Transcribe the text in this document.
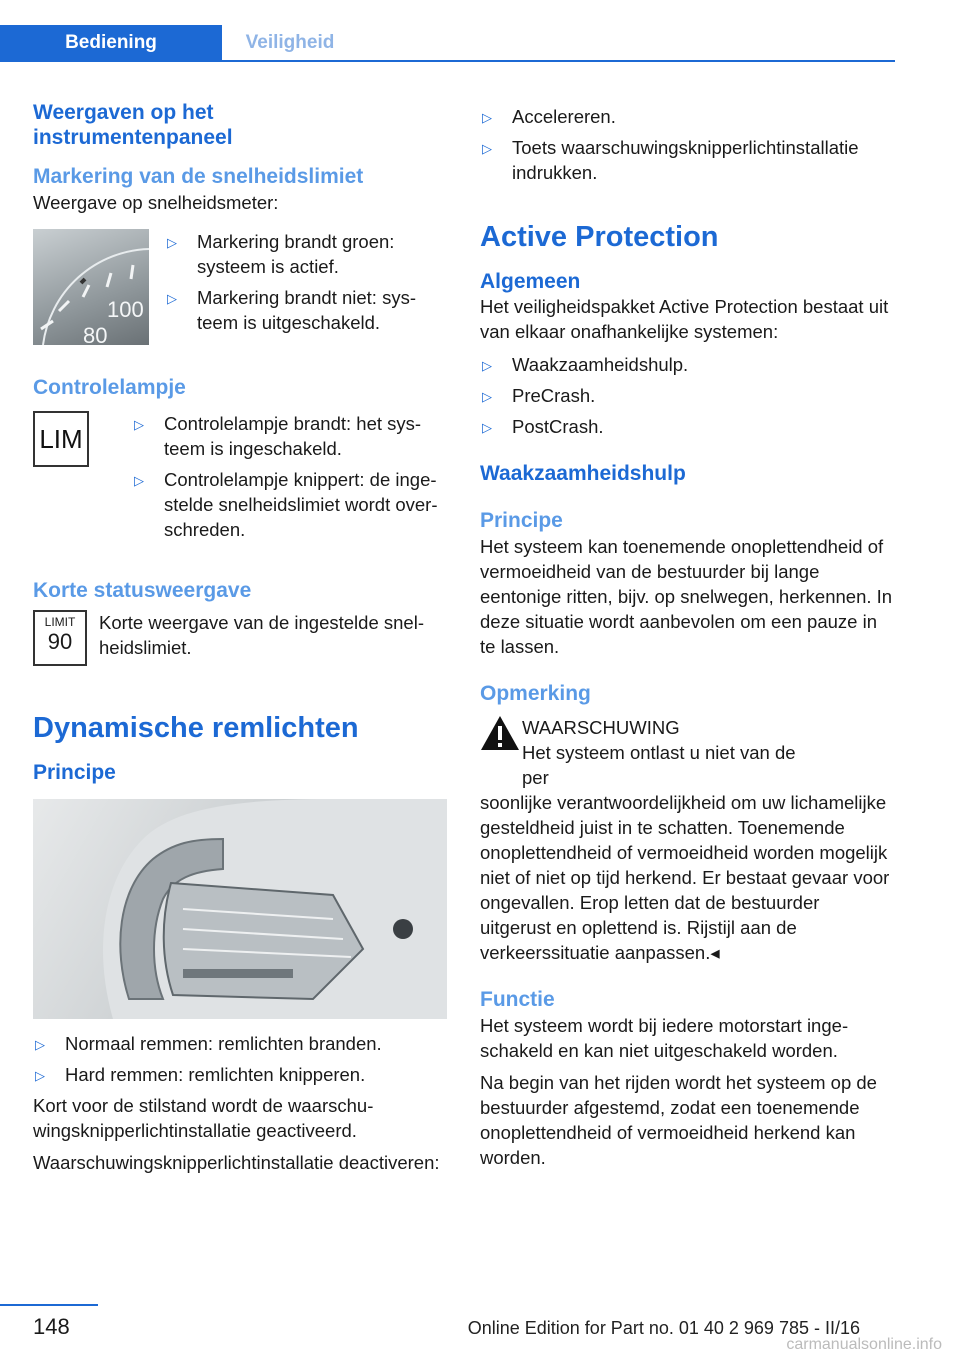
Bediening	Veiligheid
Weergaven op het instrumentenpaneel
Markering van de snelheidslimiet

Weergave op snelheidsmeter:

100
80
▷ Markering brandt groen: systeem is actief.
▷ Markering brandt niet: systeem is uitgeschakeld.
Controlelampje
LIM	▷ Controlelampje brandt: het systeem is ingeschakeld.
▷ Controlelampje knippert: de ingestelde snelheidslimiet wordt overschreden.
Korte statusweergave
LIMIT
90

Korte weergave van de ingestelde snelheidslimiet.

Dynamische remlichten
Principe
▷ Normaal remmen: remlichten branden.
▷ Hard remmen: remlichten knipperen.

Kort voor de stilstand wordt de waarschuwingsknipperlichtinstallatie geactiveerd.

Waarschuwingsknipperlichtinstallatie deactiveren:

▷ Accelereren.
▷ Toets waarschuwingsknipperlichtinstallatie indrukken.
Active Protection
Algemeen

Het veiligheidspakket Active Protection bestaat uit van elkaar onafhankelijke systemen:

▷ Waakzaamheidshulp.
▷ PreCrash.
▷ PostCrash.
Waakzaamheidshulp
Principe

Het systeem kan toenemende onoplettendheid of vermoeidheid van de bestuurder bij lange eentonige ritten, bijv. op snelwegen, herkennen. In deze situatie wordt aanbevolen om een pauze in te lassen.

Opmerking

WAARSCHUWING

Het systeem ontlast u niet van de per

soonlijke verantwoordelijkheid om uw lichamelijke gesteldheid juist in te schatten. Toenemende onoplettendheid of vermoeidheid worden mogelijk niet of niet op tijd herkend. Er bestaat gevaar voor ongevallen. Erop letten dat de bestuurder uitgerust en oplettend is. Rijstijl aan de verkeerssituatie aanpassen.◂

Functie

Het systeem wordt bij iedere motorstart ingeschakeld en kan niet uitgeschakeld worden.

Na begin van het rijden wordt het systeem op de bestuurder afgestemd, zodat een toenemende onoplettendheid of vermoeidheid herkend kan worden.

148	Online Edition for Part no. 01 40 2 969 785 - II/16
carmanualsonline.info
